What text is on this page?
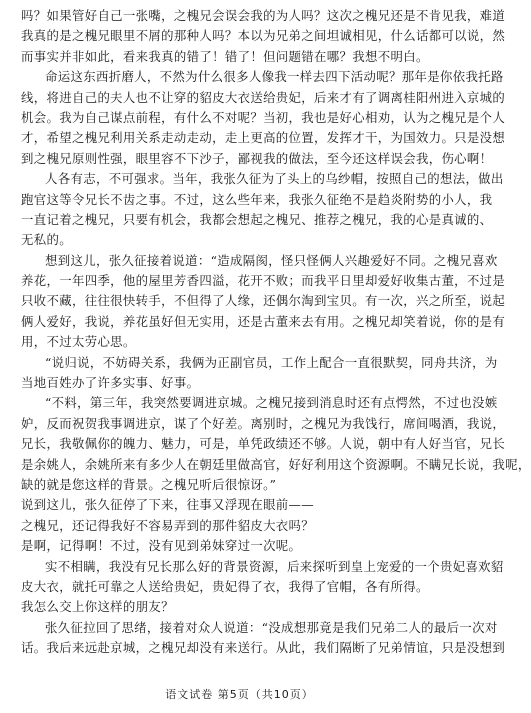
吗？如果管好自己一张嘴，之槐兄会误会我的为人吗？这次之槐兄还是不肯见我，难道
我真的是之槐兄眼里不屑的那种人吗？本以为兄弟之间坦诚相见，什么话都可以说，然
而事实并非如此，看来我真的错了！错了！但问题错在哪？我想不明白。
命运这东西折磨人，不然为什么很多人像我一样去四下活动呢？那年是你依我托路
线，将进自己的夫人也不让穿的貂皮大衣送给贵妃，后来才有了调离桂阳州进入京城的
机会。我为自己谋点前程，有什么不对呢？当初，我也是好心相劝，认为之槐兄是个人
才，希望之槐兄利用关系走动走动，走上更高的位置，发挥才干，为国效力。只是没想
到之槐兄原则性强，眼里容不下沙子，鄙视我的做法，至今还这样误会我，伤心啊！
人各有志，不可强求。当年，我张久征为了头上的乌纱帽，按照自己的想法，做出
跑官这等令兄长不齿之事。不过，这么些年来，我张久征绝不是趋炎附势的小人，我
一直记着之槐兄，只要有机会，我都会想起之槐兄、推荐之槐兄，我的心是真诚的、
无私的。
想到这儿，张久征接着说道：“造成隔阂，怪只怪俩人兴趣爱好不同。之槐兄喜欢
养花，一年四季，他的屋里芳香四溢，花开不败；而我平日里却爱好收集古董，不过是
只收不藏，往往很快转手，不但得了人缘，还偶尔淘到宝贝。有一次，兴之所至，说起
俩人爱好，我说，养花虽好但无实用，还是古董来去有用。之槐兄却笑着说，你的是有
用，不过太劳心思。
“说归说，不妨碍关系，我俩为正副官员，工作上配合一直很默契，同舟共济，为
当地百姓办了许多实事、好事。
“不料，第三年，我突然要调进京城。之槐兄接到消息时还有点愕然，不过也没嫉
妒，反而祝贺我事调进京，谋了个好差。离别时，之槐兄为我饯行，席间喝酒，我说，
兄长，我敬佩你的魄力、魅力，可是，单凭政绩还不够。人说，朝中有人好当官，兄长
是余姚人，余姚所来有多少人在朝廷里做高官，好好利用这个资源啊。不瞒兄长说，我呢，
缺的就是您这样的背景。之槐兄听后很惊讶。”
说到这儿，张久征停了下来，往事又浮现在眼前——
之槐兄，还记得我好不容易弄到的那件貂皮大衣吗？
是啊，记得啊！不过，没有见到弟妹穿过一次呢。
实不相瞒，我没有兄长那么好的背景资源，后来探听到皇上宠爱的一个贵妃喜欢貂
皮大衣，就托可靠之人送给贵妃，贵妃得了衣，我得了官帽，各有所得。
我怎么交上你这样的朋友？
张久征拉回了思绪，接着对众人说道：“没成想那竟是我们兄弟二人的最后一次对
话。我后来远赴京城，之槐兄却没有来送行。从此，我们隔断了兄弟情谊，只是没想到
语文试卷 第5页（共10页）
